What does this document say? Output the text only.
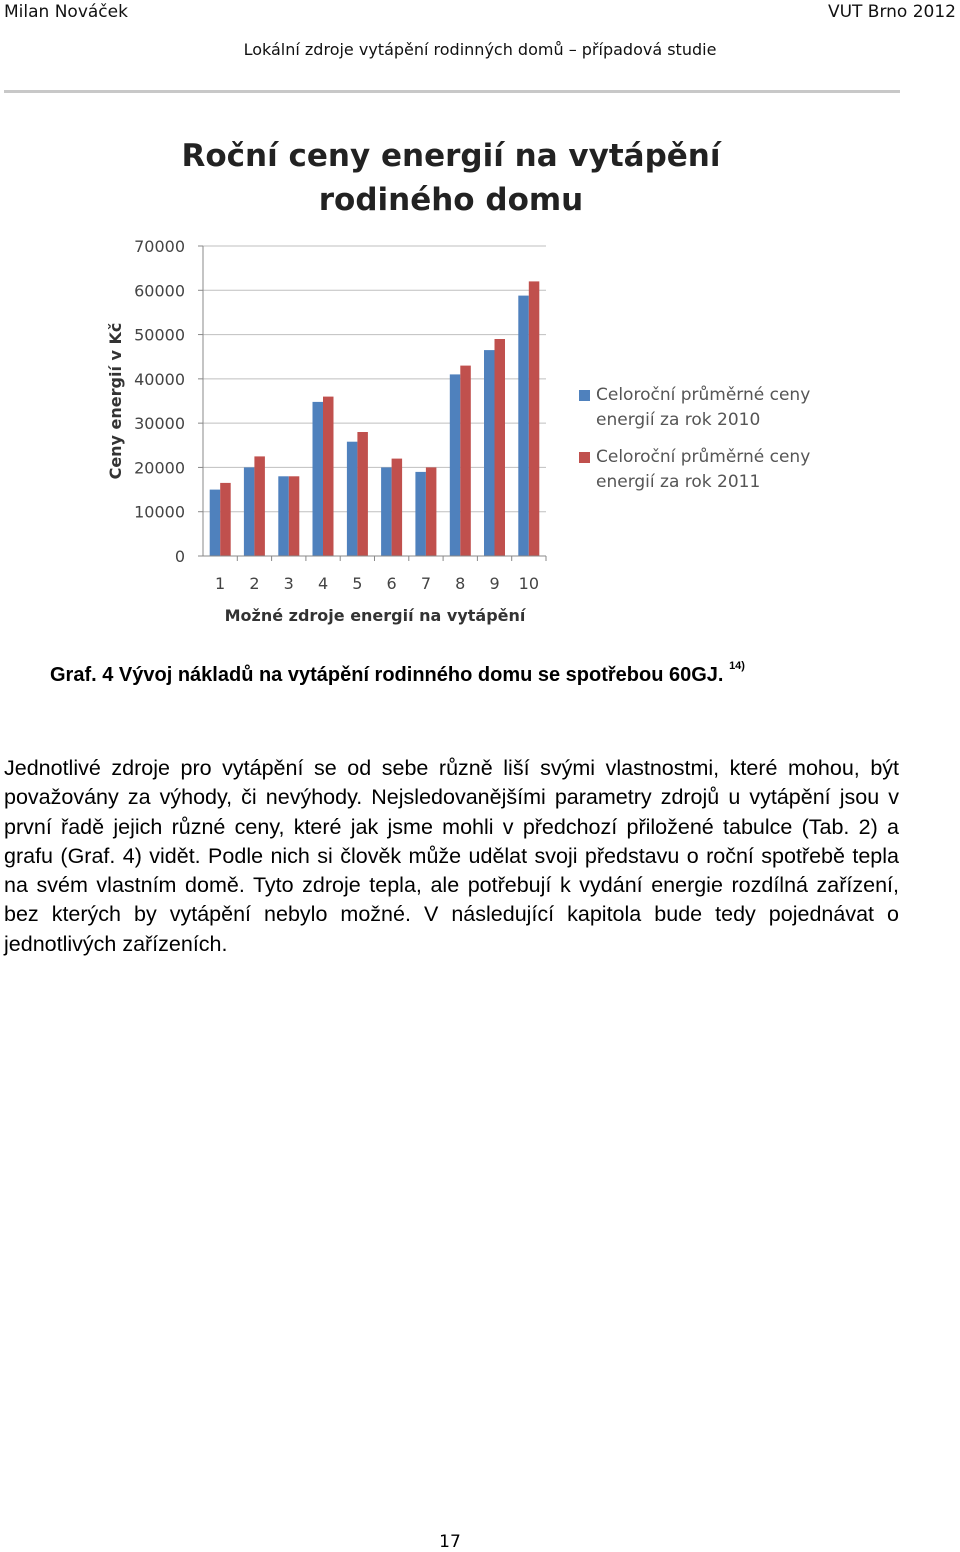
Milan Nováček	VUT Brno 2012
Lokální zdroje vytápění rodinných domů – případová studie
Roční ceny energií na vytápění
rodiného domu
0
10000
20000
30000
40000
50000
60000
70000
1 2 3 4 5 6 7 8 9 10
Možné zdroje energií na vytápění
Ceny energií v Kč	Celoroční průměrné ceny
energií za rok 2010
Celoroční průměrné ceny
energií za rok 2011
Graf. 4 Vývoj nákladů na vytápění rodinného domu se spotřebou 60GJ. $^{14)}$

Jednotlivé zdroje pro vytápění se od sebe různě liší svými vlastnostmi, které mohou, být považovány za výhody, či nevýhody. Nejsledovanějšími parametry zdrojů u vytápění jsou v první řadě jejich různé ceny, které jak jsme mohli v předchozí přiložené tabulce (Tab. 2) a grafu (Graf. 4) vidět. Podle nich si člověk může udělat svoji představu o roční spotřebě tepla na svém vlastním domě. Tyto zdroje tepla, ale potřebují k vydání energie rozdílná zařízení, bez kterých by vytápění nebylo možné. V následující kapitola bude tedy pojednávat o jednotlivých zařízeních.

17
